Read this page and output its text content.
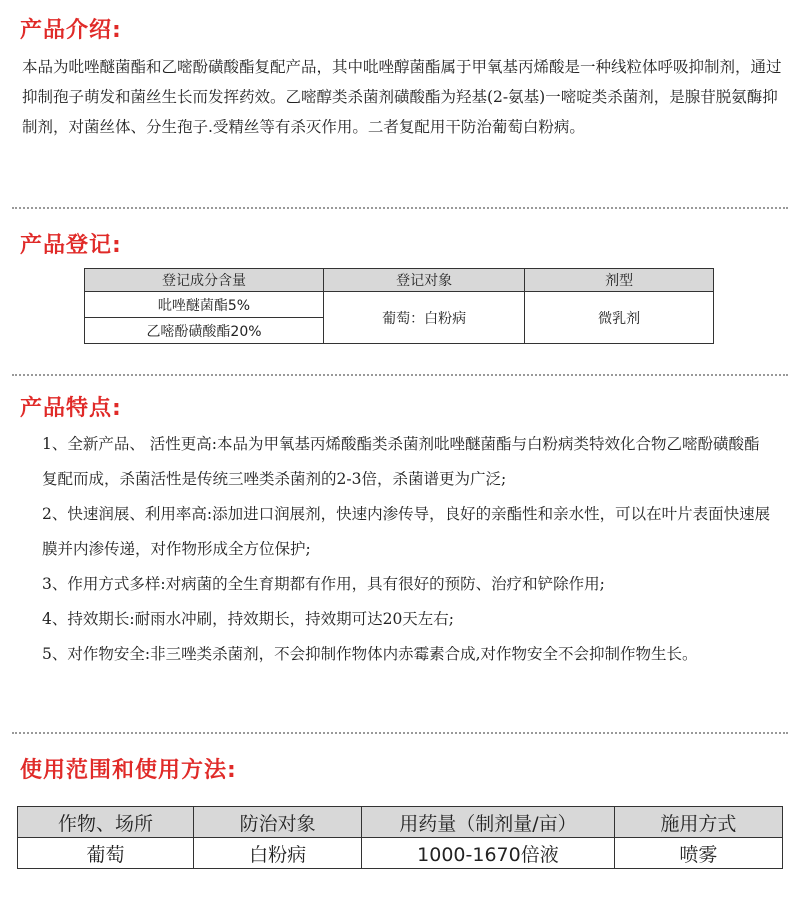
产品介绍:

本品为吡唑醚菌酯和乙嘧酚磺酸酯复配产品，其中吡唑醇菌酯属于甲氧基丙烯酸是一种线粒体呼吸抑制剂，通过抑制孢子萌发和菌丝生长而发挥药效。乙嘧醇类杀菌剂磺酸酯为羟基(2-氨基)一嘧啶类杀菌剂，是腺苷脱氨酶抑制剂，对菌丝体、分生孢子.受精丝等有杀灭作用。二者复配用干防治葡萄白粉病。

产品登记:
登记成分含量	登记对象	剂型
吡唑醚菌酯5%	葡萄：白粉病	微乳剂
乙嘧酚磺酸酯20%		
产品特点:

1、全新产品、 活性更高:本品为甲氧基丙烯酸酯类杀菌剂吡唑醚菌酯与白粉病类特效化合物乙嘧酚磺酸酯复配而成，杀菌活性是传统三唑类杀菌剂的2-3倍，杀菌谱更为广泛;

2、快速润展、利用率高:添加进口润展剂，快速内渗传导，良好的亲酯性和亲水性，可以在叶片表面快速展膜并内渗传递，对作物形成全方位保护;

3、作用方式多样:对病菌的全生育期都有作用，具有很好的预防、治疗和铲除作用;

4、持效期长:耐雨水冲刷，持效期长，持效期可达20天左右;

5、对作物安全:非三唑类杀菌剂，不会抑制作物体内赤霉素合成,对作物安全不会抑制作物生长。

使用范围和使用方法:
作物、场所	防治对象	用药量（制剂量/亩）	施用方式
葡萄	白粉病	1000-1670倍液	喷雾
